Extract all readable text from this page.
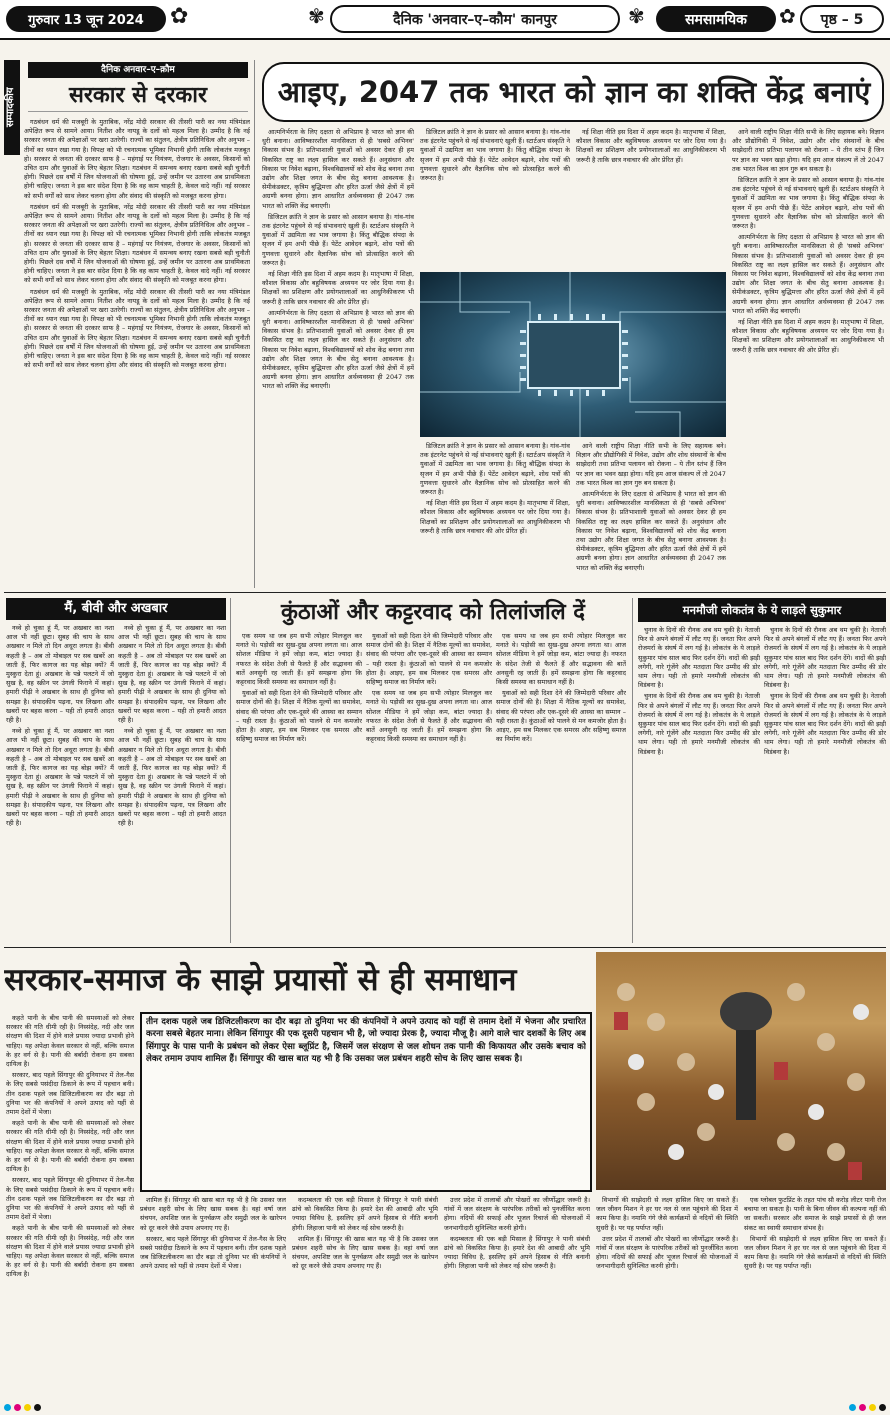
गुरुवार 13 जून 2024	✿	दैनिक 'अनवार–ए–कौम' कानपुर
✾	✾	समसामयिक	✿	पृष्ठ – 5
सम्पादकीय
दैनिक अनवार–ए–क़ौम
सरकार से दरकार

गठबंधन धर्म की मजबूरी के मुताबिक, नरेंद्र मोदी सरकार की तीसरी पारी का नया मंत्रिमंडल अपेक्षित रूप से सामने आया। नितीश और नायडू के दलों को महत्व मिला है। उम्मीद है कि नई सरकार जनता की अपेक्षाओं पर खरा उतरेगी। राज्यों का संतुलन, क्षेत्रीय प्रतिनिधित्व और अनुभव – तीनों का ध्यान रखा गया है। विपक्ष को भी रचनात्मक भूमिका निभानी होगी ताकि लोकतंत्र मजबूत हो। सरकार से जनता की दरकार साफ है – महंगाई पर नियंत्रण, रोजगार के अवसर, किसानों को उचित दाम और युवाओं के लिए बेहतर शिक्षा। गठबंधन में समन्वय बनाए रखना सबसे बड़ी चुनौती होगी। पिछले दस वर्षों में जिन योजनाओं की घोषणा हुई, उन्हें जमीन पर उतारना अब प्राथमिकता होनी चाहिए। जनता ने इस बार संदेश दिया है कि वह काम चाहती है, केवल वादे नहीं। नई सरकार को सभी वर्गों को साथ लेकर चलना होगा और संवाद की संस्कृति को मजबूत करना होगा।

गठबंधन धर्म की मजबूरी के मुताबिक, नरेंद्र मोदी सरकार की तीसरी पारी का नया मंत्रिमंडल अपेक्षित रूप से सामने आया। नितीश और नायडू के दलों को महत्व मिला है। उम्मीद है कि नई सरकार जनता की अपेक्षाओं पर खरा उतरेगी। राज्यों का संतुलन, क्षेत्रीय प्रतिनिधित्व और अनुभव – तीनों का ध्यान रखा गया है। विपक्ष को भी रचनात्मक भूमिका निभानी होगी ताकि लोकतंत्र मजबूत हो। सरकार से जनता की दरकार साफ है – महंगाई पर नियंत्रण, रोजगार के अवसर, किसानों को उचित दाम और युवाओं के लिए बेहतर शिक्षा। गठबंधन में समन्वय बनाए रखना सबसे बड़ी चुनौती होगी। पिछले दस वर्षों में जिन योजनाओं की घोषणा हुई, उन्हें जमीन पर उतारना अब प्राथमिकता होनी चाहिए। जनता ने इस बार संदेश दिया है कि वह काम चाहती है, केवल वादे नहीं। नई सरकार को सभी वर्गों को साथ लेकर चलना होगा और संवाद की संस्कृति को मजबूत करना होगा।

गठबंधन धर्म की मजबूरी के मुताबिक, नरेंद्र मोदी सरकार की तीसरी पारी का नया मंत्रिमंडल अपेक्षित रूप से सामने आया। नितीश और नायडू के दलों को महत्व मिला है। उम्मीद है कि नई सरकार जनता की अपेक्षाओं पर खरा उतरेगी। राज्यों का संतुलन, क्षेत्रीय प्रतिनिधित्व और अनुभव – तीनों का ध्यान रखा गया है। विपक्ष को भी रचनात्मक भूमिका निभानी होगी ताकि लोकतंत्र मजबूत हो। सरकार से जनता की दरकार साफ है – महंगाई पर नियंत्रण, रोजगार के अवसर, किसानों को उचित दाम और युवाओं के लिए बेहतर शिक्षा। गठबंधन में समन्वय बनाए रखना सबसे बड़ी चुनौती होगी। पिछले दस वर्षों में जिन योजनाओं की घोषणा हुई, उन्हें जमीन पर उतारना अब प्राथमिकता होनी चाहिए। जनता ने इस बार संदेश दिया है कि वह काम चाहती है, केवल वादे नहीं। नई सरकार को सभी वर्गों को साथ लेकर चलना होगा और संवाद की संस्कृति को मजबूत करना होगा।

आइए, 2047 तक भारत को ज्ञान का शक्ति केंद्र बनाएं

आत्मनिर्भरता के लिए दक्षता से अभिप्राय है भारत को ज्ञान की धुरी बनाना। आविष्कारशील मानसिकता से ही 'सबसे अभिनव' विकास संभव है। प्रतिभाशाली युवाओं को अवसर देकर ही हम विकसित राष्ट्र का लक्ष्य हासिल कर सकते हैं। अनुसंधान और विकास पर निवेश बढ़ाना, विश्वविद्यालयों को शोध केंद्र बनाना तथा उद्योग और शिक्षा जगत के बीच सेतु बनाना आवश्यक है। सेमीकंडक्टर, कृत्रिम बुद्धिमत्ता और हरित ऊर्जा जैसे क्षेत्रों में हमें अग्रणी बनना होगा। ज्ञान आधारित अर्थव्यवस्था ही 2047 तक भारत को शक्ति केंद्र बनाएगी।

डिजिटल क्रांति ने ज्ञान के प्रसार को आसान बनाया है। गांव-गांव तक इंटरनेट पहुंचने से नई संभावनाएं खुली हैं। स्टार्टअप संस्कृति ने युवाओं में उद्यमिता का भाव जगाया है। किंतु बौद्धिक संपदा के सृजन में हम अभी पीछे हैं। पेटेंट आवेदन बढ़ाने, शोध पत्रों की गुणवत्ता सुधारने और वैज्ञानिक सोच को प्रोत्साहित करने की जरूरत है।

नई शिक्षा नीति इस दिशा में अहम कदम है। मातृभाषा में शिक्षा, कौशल विकास और बहुविषयक अध्ययन पर जोर दिया गया है। शिक्षकों का प्रशिक्षण और प्रयोगशालाओं का आधुनिकीकरण भी जरूरी है ताकि छात्र नवाचार की ओर प्रेरित हों।

आत्मनिर्भरता के लिए दक्षता से अभिप्राय है भारत को ज्ञान की धुरी बनाना। आविष्कारशील मानसिकता से ही 'सबसे अभिनव' विकास संभव है। प्रतिभाशाली युवाओं को अवसर देकर ही हम विकसित राष्ट्र का लक्ष्य हासिल कर सकते हैं। अनुसंधान और विकास पर निवेश बढ़ाना, विश्वविद्यालयों को शोध केंद्र बनाना तथा उद्योग और शिक्षा जगत के बीच सेतु बनाना आवश्यक है। सेमीकंडक्टर, कृत्रिम बुद्धिमत्ता और हरित ऊर्जा जैसे क्षेत्रों में हमें अग्रणी बनना होगा। ज्ञान आधारित अर्थव्यवस्था ही 2047 तक भारत को शक्ति केंद्र बनाएगी।

डिजिटल क्रांति ने ज्ञान के प्रसार को आसान बनाया है। गांव-गांव तक इंटरनेट पहुंचने से नई संभावनाएं खुली हैं। स्टार्टअप संस्कृति ने युवाओं में उद्यमिता का भाव जगाया है। किंतु बौद्धिक संपदा के सृजन में हम अभी पीछे हैं। पेटेंट आवेदन बढ़ाने, शोध पत्रों की गुणवत्ता सुधारने और वैज्ञानिक सोच को प्रोत्साहित करने की जरूरत है।

नई शिक्षा नीति इस दिशा में अहम कदम है। मातृभाषा में शिक्षा, कौशल विकास और बहुविषयक अध्ययन पर जोर दिया गया है। शिक्षकों का प्रशिक्षण और प्रयोगशालाओं का आधुनिकीकरण भी जरूरी है ताकि छात्र नवाचार की ओर प्रेरित हों।

डिजिटल क्रांति ने ज्ञान के प्रसार को आसान बनाया है। गांव-गांव तक इंटरनेट पहुंचने से नई संभावनाएं खुली हैं। स्टार्टअप संस्कृति ने युवाओं में उद्यमिता का भाव जगाया है। किंतु बौद्धिक संपदा के सृजन में हम अभी पीछे हैं। पेटेंट आवेदन बढ़ाने, शोध पत्रों की गुणवत्ता सुधारने और वैज्ञानिक सोच को प्रोत्साहित करने की जरूरत है।

नई शिक्षा नीति इस दिशा में अहम कदम है। मातृभाषा में शिक्षा, कौशल विकास और बहुविषयक अध्ययन पर जोर दिया गया है। शिक्षकों का प्रशिक्षण और प्रयोगशालाओं का आधुनिकीकरण भी जरूरी है ताकि छात्र नवाचार की ओर प्रेरित हों।

आने वाली राष्ट्रीय शिक्षा नीति सभी के लिए सहायक बने। विज्ञान और प्रौद्योगिकी में निवेश, उद्योग और शोध संस्थानों के बीच साझेदारी तथा प्रतिभा पलायन को रोकना – ये तीन स्तंभ हैं जिन पर ज्ञान का भवन खड़ा होगा। यदि हम आज संकल्प लें तो 2047 तक भारत विश्व का ज्ञान गुरु बन सकता है।

आत्मनिर्भरता के लिए दक्षता से अभिप्राय है भारत को ज्ञान की धुरी बनाना। आविष्कारशील मानसिकता से ही 'सबसे अभिनव' विकास संभव है। प्रतिभाशाली युवाओं को अवसर देकर ही हम विकसित राष्ट्र का लक्ष्य हासिल कर सकते हैं। अनुसंधान और विकास पर निवेश बढ़ाना, विश्वविद्यालयों को शोध केंद्र बनाना तथा उद्योग और शिक्षा जगत के बीच सेतु बनाना आवश्यक है। सेमीकंडक्टर, कृत्रिम बुद्धिमत्ता और हरित ऊर्जा जैसे क्षेत्रों में हमें अग्रणी बनना होगा। ज्ञान आधारित अर्थव्यवस्था ही 2047 तक भारत को शक्ति केंद्र बनाएगी।

आने वाली राष्ट्रीय शिक्षा नीति सभी के लिए सहायक बने। विज्ञान और प्रौद्योगिकी में निवेश, उद्योग और शोध संस्थानों के बीच साझेदारी तथा प्रतिभा पलायन को रोकना – ये तीन स्तंभ हैं जिन पर ज्ञान का भवन खड़ा होगा। यदि हम आज संकल्प लें तो 2047 तक भारत विश्व का ज्ञान गुरु बन सकता है।

डिजिटल क्रांति ने ज्ञान के प्रसार को आसान बनाया है। गांव-गांव तक इंटरनेट पहुंचने से नई संभावनाएं खुली हैं। स्टार्टअप संस्कृति ने युवाओं में उद्यमिता का भाव जगाया है। किंतु बौद्धिक संपदा के सृजन में हम अभी पीछे हैं। पेटेंट आवेदन बढ़ाने, शोध पत्रों की गुणवत्ता सुधारने और वैज्ञानिक सोच को प्रोत्साहित करने की जरूरत है।

आत्मनिर्भरता के लिए दक्षता से अभिप्राय है भारत को ज्ञान की धुरी बनाना। आविष्कारशील मानसिकता से ही 'सबसे अभिनव' विकास संभव है। प्रतिभाशाली युवाओं को अवसर देकर ही हम विकसित राष्ट्र का लक्ष्य हासिल कर सकते हैं। अनुसंधान और विकास पर निवेश बढ़ाना, विश्वविद्यालयों को शोध केंद्र बनाना तथा उद्योग और शिक्षा जगत के बीच सेतु बनाना आवश्यक है। सेमीकंडक्टर, कृत्रिम बुद्धिमत्ता और हरित ऊर्जा जैसे क्षेत्रों में हमें अग्रणी बनना होगा। ज्ञान आधारित अर्थव्यवस्था ही 2047 तक भारत को शक्ति केंद्र बनाएगी।

नई शिक्षा नीति इस दिशा में अहम कदम है। मातृभाषा में शिक्षा, कौशल विकास और बहुविषयक अध्ययन पर जोर दिया गया है। शिक्षकों का प्रशिक्षण और प्रयोगशालाओं का आधुनिकीकरण भी जरूरी है ताकि छात्र नवाचार की ओर प्रेरित हों।

मैं, बीवी और अखबार

नव्वे हो चुका हूं मैं, पर अखबार का नशा आज भी नहीं छूटा। सुबह की चाय के साथ अखबार न मिले तो दिन अधूरा लगता है। बीवी कहती है – अब तो मोबाइल पर सब खबरें आ जाती हैं, फिर कागज का यह बोझ क्यों? मैं मुस्कुरा देता हूं। अखबार के पन्ने पलटने में जो सुख है, वह स्क्रीन पर उंगली फिराने में कहां। हमारी पीढ़ी ने अखबार के साथ ही दुनिया को समझा है। संपादकीय पढ़ना, पत्र लिखना और खबरों पर बहस करना – यही तो हमारी आदत रही है।

नव्वे हो चुका हूं मैं, पर अखबार का नशा आज भी नहीं छूटा। सुबह की चाय के साथ अखबार न मिले तो दिन अधूरा लगता है। बीवी कहती है – अब तो मोबाइल पर सब खबरें आ जाती हैं, फिर कागज का यह बोझ क्यों? मैं मुस्कुरा देता हूं। अखबार के पन्ने पलटने में जो सुख है, वह स्क्रीन पर उंगली फिराने में कहां। हमारी पीढ़ी ने अखबार के साथ ही दुनिया को समझा है। संपादकीय पढ़ना, पत्र लिखना और खबरों पर बहस करना – यही तो हमारी आदत रही है।

नव्वे हो चुका हूं मैं, पर अखबार का नशा आज भी नहीं छूटा। सुबह की चाय के साथ अखबार न मिले तो दिन अधूरा लगता है। बीवी कहती है – अब तो मोबाइल पर सब खबरें आ जाती हैं, फिर कागज का यह बोझ क्यों? मैं मुस्कुरा देता हूं। अखबार के पन्ने पलटने में जो सुख है, वह स्क्रीन पर उंगली फिराने में कहां। हमारी पीढ़ी ने अखबार के साथ ही दुनिया को समझा है। संपादकीय पढ़ना, पत्र लिखना और खबरों पर बहस करना – यही तो हमारी आदत रही है।

नव्वे हो चुका हूं मैं, पर अखबार का नशा आज भी नहीं छूटा। सुबह की चाय के साथ अखबार न मिले तो दिन अधूरा लगता है। बीवी कहती है – अब तो मोबाइल पर सब खबरें आ जाती हैं, फिर कागज का यह बोझ क्यों? मैं मुस्कुरा देता हूं। अखबार के पन्ने पलटने में जो सुख है, वह स्क्रीन पर उंगली फिराने में कहां। हमारी पीढ़ी ने अखबार के साथ ही दुनिया को समझा है। संपादकीय पढ़ना, पत्र लिखना और खबरों पर बहस करना – यही तो हमारी आदत रही है।

कुंठाओं और कट्टरवाद को तिलांजलि दें

एक समय था जब हम सभी त्योहार मिलजुल कर मनाते थे। पड़ोसी का सुख-दुख अपना लगता था। आज सोशल मीडिया ने हमें जोड़ा कम, बांटा ज्यादा है। नफरत के संदेश तेजी से फैलते हैं और सद्भावना की बातें अनसुनी रह जाती हैं। हमें समझना होगा कि कट्टरवाद किसी समस्या का समाधान नहीं है।

युवाओं को सही दिशा देने की जिम्मेदारी परिवार और समाज दोनों की है। शिक्षा में नैतिक मूल्यों का समावेश, संवाद की परंपरा और एक-दूसरे की आस्था का सम्मान – यही रास्ता है। कुंठाओं को पालने से मन कमजोर होता है। आइए, हम सब मिलकर एक समरस और सहिष्णु समाज का निर्माण करें।

युवाओं को सही दिशा देने की जिम्मेदारी परिवार और समाज दोनों की है। शिक्षा में नैतिक मूल्यों का समावेश, संवाद की परंपरा और एक-दूसरे की आस्था का सम्मान – यही रास्ता है। कुंठाओं को पालने से मन कमजोर होता है। आइए, हम सब मिलकर एक समरस और सहिष्णु समाज का निर्माण करें।

एक समय था जब हम सभी त्योहार मिलजुल कर मनाते थे। पड़ोसी का सुख-दुख अपना लगता था। आज सोशल मीडिया ने हमें जोड़ा कम, बांटा ज्यादा है। नफरत के संदेश तेजी से फैलते हैं और सद्भावना की बातें अनसुनी रह जाती हैं। हमें समझना होगा कि कट्टरवाद किसी समस्या का समाधान नहीं है।

एक समय था जब हम सभी त्योहार मिलजुल कर मनाते थे। पड़ोसी का सुख-दुख अपना लगता था। आज सोशल मीडिया ने हमें जोड़ा कम, बांटा ज्यादा है। नफरत के संदेश तेजी से फैलते हैं और सद्भावना की बातें अनसुनी रह जाती हैं। हमें समझना होगा कि कट्टरवाद किसी समस्या का समाधान नहीं है।

युवाओं को सही दिशा देने की जिम्मेदारी परिवार और समाज दोनों की है। शिक्षा में नैतिक मूल्यों का समावेश, संवाद की परंपरा और एक-दूसरे की आस्था का सम्मान – यही रास्ता है। कुंठाओं को पालने से मन कमजोर होता है। आइए, हम सब मिलकर एक समरस और सहिष्णु समाज का निर्माण करें।

मनमौजी लोकतंत्र के ये लाड़ले सुकुमार

चुनाव के दिनों की रौनक अब थम चुकी है। नेताजी फिर से अपने बंगलों में लौट गए हैं। जनता फिर अपने रोजमर्रा के संघर्ष में लग गई है। लोकतंत्र के ये लाड़ले सुकुमार पांच साल बाद फिर दर्शन देंगे। वादों की झड़ी लगेगी, नारे गूंजेंगे और मतदाता फिर उम्मीद की डोर थाम लेगा। यही तो हमारे मनमौजी लोकतंत्र की विडंबना है।

चुनाव के दिनों की रौनक अब थम चुकी है। नेताजी फिर से अपने बंगलों में लौट गए हैं। जनता फिर अपने रोजमर्रा के संघर्ष में लग गई है। लोकतंत्र के ये लाड़ले सुकुमार पांच साल बाद फिर दर्शन देंगे। वादों की झड़ी लगेगी, नारे गूंजेंगे और मतदाता फिर उम्मीद की डोर थाम लेगा। यही तो हमारे मनमौजी लोकतंत्र की विडंबना है।

चुनाव के दिनों की रौनक अब थम चुकी है। नेताजी फिर से अपने बंगलों में लौट गए हैं। जनता फिर अपने रोजमर्रा के संघर्ष में लग गई है। लोकतंत्र के ये लाड़ले सुकुमार पांच साल बाद फिर दर्शन देंगे। वादों की झड़ी लगेगी, नारे गूंजेंगे और मतदाता फिर उम्मीद की डोर थाम लेगा। यही तो हमारे मनमौजी लोकतंत्र की विडंबना है।

चुनाव के दिनों की रौनक अब थम चुकी है। नेताजी फिर से अपने बंगलों में लौट गए हैं। जनता फिर अपने रोजमर्रा के संघर्ष में लग गई है। लोकतंत्र के ये लाड़ले सुकुमार पांच साल बाद फिर दर्शन देंगे। वादों की झड़ी लगेगी, नारे गूंजेंगे और मतदाता फिर उम्मीद की डोर थाम लेगा। यही तो हमारे मनमौजी लोकतंत्र की विडंबना है।

सरकार-समाज के साझे प्रयासों से ही समाधान
तीन दशक पहले जब डिजिटलीकरण का दौर बढ़ा तो दुनिया भर की कंपनियों ने अपने उत्पाद को यहीं से तमाम देशों में भेजना और प्रचारित करना सबसे बेहतर माना। लेकिन सिंगापुर की एक दूसरी पहचान भी है, जो ज्यादा प्रेरक है, ज्यादा मौजू है। आगे वाले चार दशकों के लिए अब सिंगापुर के पास पानी के प्रबंधन को लेकर ऐसा ब्लूप्रिंट है, जिसमें जल संरक्षण से जल शोधन तक पानी की किफायत और उसके बचाव को लेकर तमाम उपाय शामिल हैं। सिंगापुर की खास बात यह भी है कि उसका जल प्रबंधन शहरी सोच के लिए खास सबक है।

कहते पानी के बीच पानी की समस्याओं को लेकर सरकार की गति धीमी रही है। निस्संदेह, नदी और जल संरक्षण की दिशा में होने वाले प्रयास ज्यादा प्रभावी होने चाहिए। यह अपेक्षा केवल सरकार से नहीं, बल्कि समाज के हर वर्ग से है। पानी की बर्बादी रोकना हम सबका दायित्व है।

सरकार, बाद पहले सिंगापुर की दुनियाभर में तेल-गैस के लिए सबसे पसंदीदा ठिकाने के रूप में पहचान बनी। तीन दशक पहले जब डिजिटलीकरण का दौर बढ़ा तो दुनिया भर की कंपनियों ने अपने उत्पाद को यहीं से तमाम देशों में भेजा।

कहते पानी के बीच पानी की समस्याओं को लेकर सरकार की गति धीमी रही है। निस्संदेह, नदी और जल संरक्षण की दिशा में होने वाले प्रयास ज्यादा प्रभावी होने चाहिए। यह अपेक्षा केवल सरकार से नहीं, बल्कि समाज के हर वर्ग से है। पानी की बर्बादी रोकना हम सबका दायित्व है।

सरकार, बाद पहले सिंगापुर की दुनियाभर में तेल-गैस के लिए सबसे पसंदीदा ठिकाने के रूप में पहचान बनी। तीन दशक पहले जब डिजिटलीकरण का दौर बढ़ा तो दुनिया भर की कंपनियों ने अपने उत्पाद को यहीं से तमाम देशों में भेजा।

कहते पानी के बीच पानी की समस्याओं को लेकर सरकार की गति धीमी रही है। निस्संदेह, नदी और जल संरक्षण की दिशा में होने वाले प्रयास ज्यादा प्रभावी होने चाहिए। यह अपेक्षा केवल सरकार से नहीं, बल्कि समाज के हर वर्ग से है। पानी की बर्बादी रोकना हम सबका दायित्व है।

शामिल हैं। सिंगापुर की खास बात यह भी है कि उसका जल प्रबंधन शहरी सोच के लिए खास सबक है। वहां वर्षा जल संचयन, अपशिष्ट जल के पुनर्चक्रण और समुद्री जल के खारेपन को दूर करने जैसे उपाय अपनाए गए हैं।

सरकार, बाद पहले सिंगापुर की दुनियाभर में तेल-गैस के लिए सबसे पसंदीदा ठिकाने के रूप में पहचान बनी। तीन दशक पहले जब डिजिटलीकरण का दौर बढ़ा तो दुनिया भर की कंपनियों ने अपने उत्पाद को यहीं से तमाम देशों में भेजा।

कदम्बलता की एक बड़ी मिसाल है सिंगापुर ने पानी संबंधी ढांचे को विकसित किया है। हमारे देश की आबादी और भूमि ज्यादा विविध है, इसलिए हमें अपने हिसाब से नीति बनानी होगी। लिहाजा पानी को लेकर नई सोच जरूरी है।

शामिल हैं। सिंगापुर की खास बात यह भी है कि उसका जल प्रबंधन शहरी सोच के लिए खास सबक है। वहां वर्षा जल संचयन, अपशिष्ट जल के पुनर्चक्रण और समुद्री जल के खारेपन को दूर करने जैसे उपाय अपनाए गए हैं।

उत्तर प्रदेश में तालाबों और पोखरों का जीर्णोद्धार जरूरी है। गांवों में जल संरक्षण के पारंपरिक तरीकों को पुनर्जीवित करना होगा। नदियों की सफाई और भूजल रिचार्ज की योजनाओं में जनभागीदारी सुनिश्चित करनी होगी।

कदम्बलता की एक बड़ी मिसाल है सिंगापुर ने पानी संबंधी ढांचे को विकसित किया है। हमारे देश की आबादी और भूमि ज्यादा विविध है, इसलिए हमें अपने हिसाब से नीति बनानी होगी। लिहाजा पानी को लेकर नई सोच जरूरी है।

विभागों की साझेदारी से लक्ष्य हासिल किए जा सकते हैं। जल जीवन मिशन ने हर घर नल से जल पहुंचाने की दिशा में काम किया है। नमामि गंगे जैसे कार्यक्रमों से नदियों की स्थिति सुधरी है। पर यह पर्याप्त नहीं।

उत्तर प्रदेश में तालाबों और पोखरों का जीर्णोद्धार जरूरी है। गांवों में जल संरक्षण के पारंपरिक तरीकों को पुनर्जीवित करना होगा। नदियों की सफाई और भूजल रिचार्ज की योजनाओं में जनभागीदारी सुनिश्चित करनी होगी।

एक ग्लोबल फुटप्रिंट के तहत पांच सौ करोड़ लीटर पानी रोज बचाया जा सकता है। पानी के बिना जीवन की कल्पना नहीं की जा सकती। सरकार और समाज के साझे प्रयासों से ही जल संकट का स्थायी समाधान संभव है।

विभागों की साझेदारी से लक्ष्य हासिल किए जा सकते हैं। जल जीवन मिशन ने हर घर नल से जल पहुंचाने की दिशा में काम किया है। नमामि गंगे जैसे कार्यक्रमों से नदियों की स्थिति सुधरी है। पर यह पर्याप्त नहीं।
